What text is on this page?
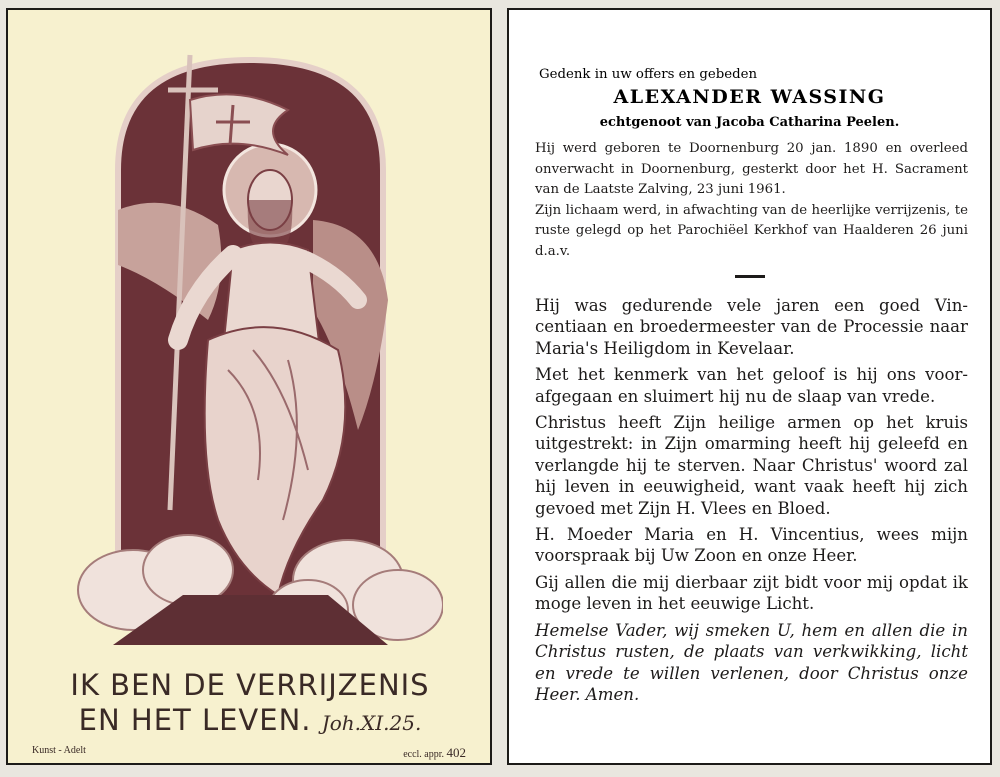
IK BEN DE VERRIJZENIS
EN HET LEVEN. Joh.XI.25.
Kunst - Adelt	eccl. appr. 402
Gedenk in uw offers en gebeden
ALEXANDER WASSING
echtgenoot van Jacoba Catharina Peelen.

Hij werd geboren te Doornenburg 20 jan. 1890 en overleed onverwacht in Doornenburg, gesterkt door het H. Sacrament van de Laatste Zalving, 23 juni 1961.

Zijn lichaam werd, in afwachting van de heerlijke verrijzenis, te ruste gelegd op het Parochiëel Kerkhof van Haalderen 26 juni d.a.v.

Hij was gedurende vele jaren een goed Vincentiaan en broedermeester van de Processie naar Maria's Heiligdom in Kevelaar.

Met het kenmerk van het geloof is hij ons voorafgegaan en sluimert hij nu de slaap van vrede.

Christus heeft Zijn heilige armen op het kruis uitgestrekt: in Zijn omarming heeft hij geleefd en verlangde hij te sterven. Naar Christus' woord zal hij leven in eeuwigheid, want vaak heeft hij zich gevoed met Zijn H. Vlees en Bloed.

H. Moeder Maria en H. Vincentius, wees mijn voorspraak bij Uw Zoon en onze Heer.

Gij allen die mij dierbaar zijt bidt voor mij opdat ik moge leven in het eeuwige Licht.

Hemelse Vader, wij smeken U, hem en allen die in Christus rusten, de plaats van verkwikking, licht en vrede te willen verlenen, door Christus onze Heer. Amen.
